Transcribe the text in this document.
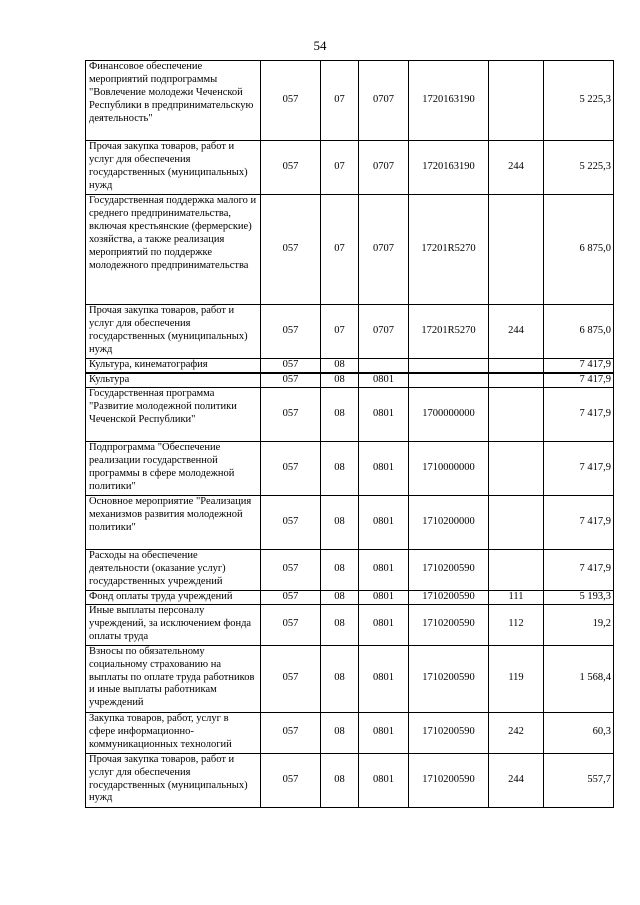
54
Финансовое обеспечение мероприятий подпрограммы "Вовлечение молодежи Чеченской Республики в предпринимательскую деятельность"	057	07	0707	1720163190		5 225,3
Прочая закупка товаров, работ и услуг для обеспечения государственных (муниципальных) нужд	057	07	0707	1720163190	244	5 225,3
Государственная поддержка малого и среднего предпринимательства, включая крестьянские (фермерские) хозяйства, а также реализация мероприятий по поддержке молодежного предпринимательства	057	07	0707	17201R5270		6 875,0
Прочая закупка товаров, работ и услуг для обеспечения государственных (муниципальных) нужд	057	07	0707	17201R5270	244	6 875,0
Культура, кинематография	057	08				7 417,9
Культура	057	08	0801			7 417,9
Государственная программа "Развитие молодежной политики Чеченской Республики"	057	08	0801	1700000000		7 417,9
Подпрограмма "Обеспечение реализации государственной программы в сфере молодежной политики"	057	08	0801	1710000000		7 417,9
Основное мероприятие "Реализация механизмов развития молодежной политики"	057	08	0801	1710200000		7 417,9
Расходы на обеспечение деятельности (оказание услуг) государственных учреждений	057	08	0801	1710200590		7 417,9
Фонд оплаты труда учреждений	057	08	0801	1710200590	111	5 193,3
Иные выплаты персоналу учреждений, за исключением фонда оплаты труда	057	08	0801	1710200590	112	19,2
Взносы по обязательному социальному страхованию на выплаты по оплате труда работников и иные выплаты работникам учреждений	057	08	0801	1710200590	119	1 568,4
Закупка товаров, работ, услуг в сфере информационно-коммуникационных технологий	057	08	0801	1710200590	242	60,3
Прочая закупка товаров, работ и услуг для обеспечения государственных (муниципальных) нужд	057	08	0801	1710200590	244	557,7
